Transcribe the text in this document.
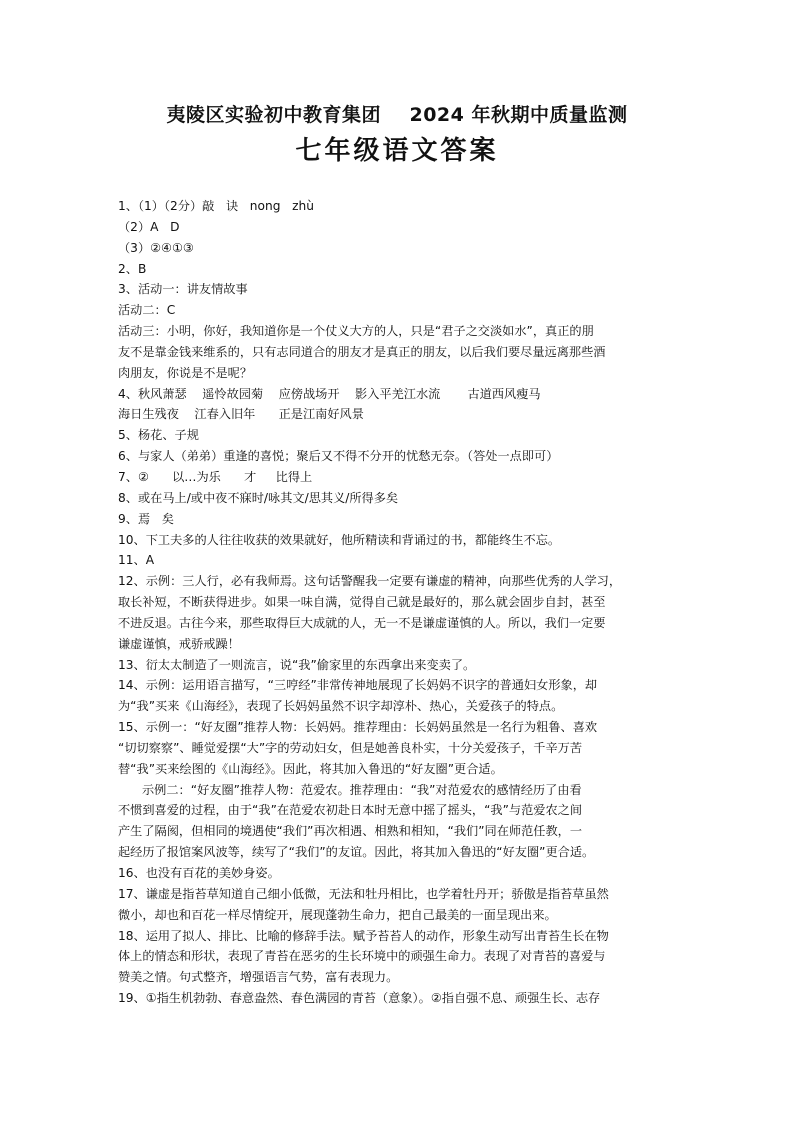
夷陵区实验初中教育集团    2024 年秋期中质量监测
七年级语文答案
1、（1）（2分）敲   诀   nong   zhù
（2）A   D
（3）②④①③
2、B
3、活动一：讲友情故事
活动二：C
活动三：小明，你好，我知道你是一个仗义大方的人，只是“君子之交淡如水”，真正的朋
友不是靠金钱来维系的，只有志同道合的朋友才是真正的朋友，以后我们要尽量远离那些酒
肉朋友，你说是不是呢？
4、秋风萧瑟    遥怜故园菊    应傍战场开    影入平羌江水流       古道西风瘦马
海日生残夜    江春入旧年      正是江南好风景
5、杨花、子规
6、与家人（弟弟）重逢的喜悦；聚后又不得不分开的忧愁无奈。（答处一点即可）
7、②      以…为乐      才     比得上
8、或在马上/或中夜不寐时/咏其文/思其义/所得多矣
9、焉   矣
10、下工夫多的人往往收获的效果就好，他所精读和背诵过的书，都能终生不忘。
11、A
12、示例：三人行，必有我师焉。这句话警醒我一定要有谦虚的精神，向那些优秀的人学习，
取长补短，不断获得进步。如果一味自满，觉得自己就是最好的，那么就会固步自封，甚至
不进反退。古往今来，那些取得巨大成就的人，无一不是谦虚谨慎的人。所以，我们一定要
谦虚谨慎，戒骄戒躁！
13、衍太太制造了一则流言，说“我”偷家里的东西拿出来变卖了。
14、示例：运用语言描写，“三哼经”非常传神地展现了长妈妈不识字的普通妇女形象，却
为“我”买来《山海经》，表现了长妈妈虽然不识字却淳朴、热心，关爱孩子的特点。
15、示例一：“好友圈”推荐人物：长妈妈。推荐理由：长妈妈虽然是一名行为粗鲁、喜欢
“切切察察”、睡觉爱摆“大”字的劳动妇女，但是她善良朴实，十分关爱孩子，千辛万苦
替“我”买来绘图的《山海经》。因此，将其加入鲁迅的“好友圈”更合适。
示例二：“好友圈”推荐人物：范爱农。推荐理由：“我”对范爱农的感情经历了由看
不惯到喜爱的过程，由于“我”在范爱农初赴日本时无意中摇了摇头，“我”与范爱农之间
产生了隔阂，但相同的境遇使“我们”再次相遇、相熟和相知，“我们”同在师范任教，一
起经历了报馆案风波等，续写了“我们”的友谊。因此，将其加入鲁迅的“好友圈”更合适。
16、也没有百花的美妙身姿。
17、谦虚是指苔草知道自己细小低微，无法和牡丹相比，也学着牡丹开；骄傲是指苔草虽然
微小，却也和百花一样尽情绽开，展现蓬勃生命力，把自己最美的一面呈现出来。
18、运用了拟人、排比、比喻的修辞手法。赋予苔苔人的动作，形象生动写出青苔生长在物
体上的情态和形状，表现了青苔在恶劣的生长环境中的顽强生命力。表现了对青苔的喜爱与
赞美之情。句式整齐，增强语言气势，富有表现力。
19、①指生机勃勃、春意盎然、春色满园的青苔（意象）。②指自强不息、顽强生长、志存
